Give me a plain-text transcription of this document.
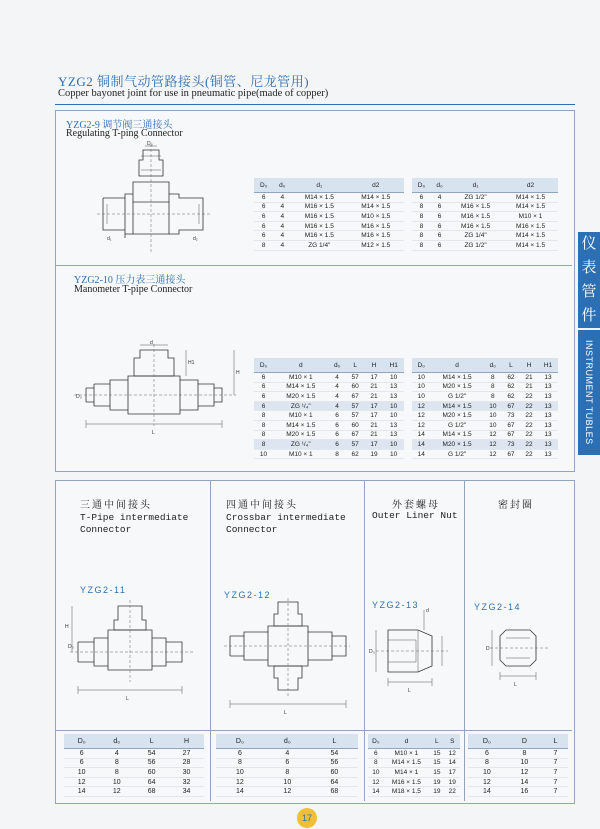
YZG2 铜制气动管路接头(铜管、尼龙管用)
Copper bayonet joint for use in pneumatic pipe(made of copper)
仪
表
管
件
INSTRUMENT TUBLES
YZG2-9 调节阀三通接头
Regulating T-ping Connector
D₀
d₁	d₂
D₀	d₀	d₁	d2
6	4	M14 × 1.5	M14 × 1.5
6	4	M16 × 1.5	M14 × 1.5
6	4	M16 × 1.5	M10 × 1.5
6	4	M16 × 1.5	M16 × 1.5
6	4	M16 × 1.5	M16 × 1.5
8	4	ZG 1/4"	M12 × 1.5
D₀	d₀	d₁	d2
6	4	ZG 1/2"	M14 × 1.5
8	6	M16 × 1.5	M14 × 1.5
8	6	M16 × 1.5	M10 × 1
8	6	M16 × 1.5	M16 × 1.5
8	6	ZG 1/4"	M14 × 1.5
8	6	ZG 1/2"	M14 × 1.5
YZG2-10 压力表三通接头
Manometer T-pipe Connector
d
D₀
H
H1
L
D₀	d	d₀	L	H	H1
6	M10 × 1	4	57	17	10
6	M14 × 1.5	4	60	21	13
6	M20 × 1.5	4	67	21	13
6	ZG ¹/₄"	4	57	17	10
8	M10 × 1	6	57	17	10
8	M14 × 1.5	6	60	21	13
8	M20 × 1.5	6	67	21	13
8	ZG ¹/₄"	6	57	17	10
10	M10 × 1	8	62	19	10
D₀	d	d₀	L	H	H1
10	M14 × 1.5	8	62	21	13
10	M20 × 1.5	8	62	21	13
10	G 1/2"	8	62	22	13
12	M14 × 1.5	10	67	22	13
12	M20 × 1.5	10	73	22	13
12	G 1/2"	10	67	22	13
14	M14 × 1.5	12	67	22	13
14	M20 × 1.5	12	73	22	13
14	G 1/2"	12	67	22	13
三通中间接头
T-Pipe intermediate
Connector
YZG2-11
H
L
D₀
四通中间接头
Crossbar intermediate
Connector
YZG2-12
L
外套螺母
Outer Liner Nut
YZG2-13
d
D₀
L
密封圈
YZG2-14
D
L
D₀	d₀	L	H
6	4	54	27
6	8	56	28
10	8	60	30
12	10	64	32
14	12	68	34
D₀	d₀	L
6	4	54
8	6	56
10	8	60
12	10	64
14	12	68
D₀	d	L	S
6	M10 × 1	15	12
8	M14 × 1.5	15	14
10	M14 × 1	15	17
12	M16 × 1.5	19	19
14	M18 × 1.5	19	22
D₀	D	L
6	8	7
8	10	7
10	12	7
12	14	7
14	16	7
17
